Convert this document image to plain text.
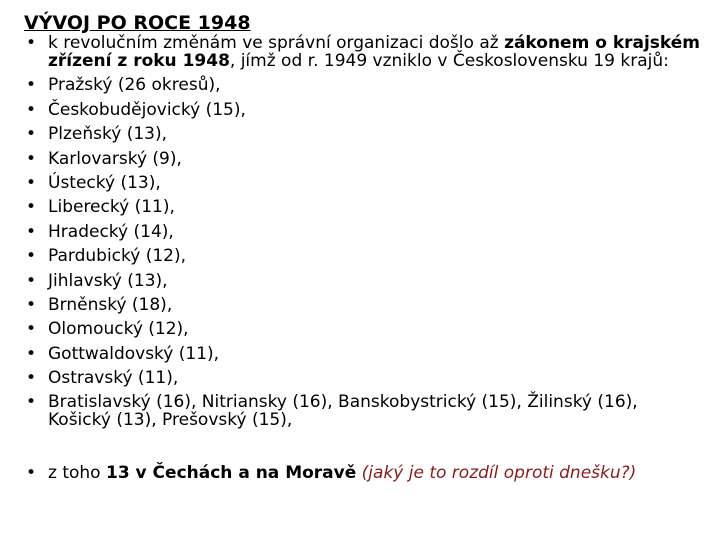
VÝVOJ PO ROCE 1948
• k revolučním změnám ve správní organizaci došlo až zákonem o krajském zřízení z roku 1948, jímž od r. 1949 vzniklo v Československu 19 krajů:
• Pražský (26 okresů),
• Českobudějovický (15),
• Plzeňský (13),
• Karlovarský (9),
• Ústecký (13),
• Liberecký (11),
• Hradecký (14),
• Pardubický (12),
• Jihlavský (13),
• Brněnský (18),
• Olomoucký (12),
• Gottwaldovský (11),
• Ostravský (11),
• Bratislavský (16), Nitriansky (16), Banskobystrický (15), Žilinský (16), Košický (13), Prešovský (15),
• z toho 13 v Čechách a na Moravě (jaký je to rozdíl oproti dnešku?)
